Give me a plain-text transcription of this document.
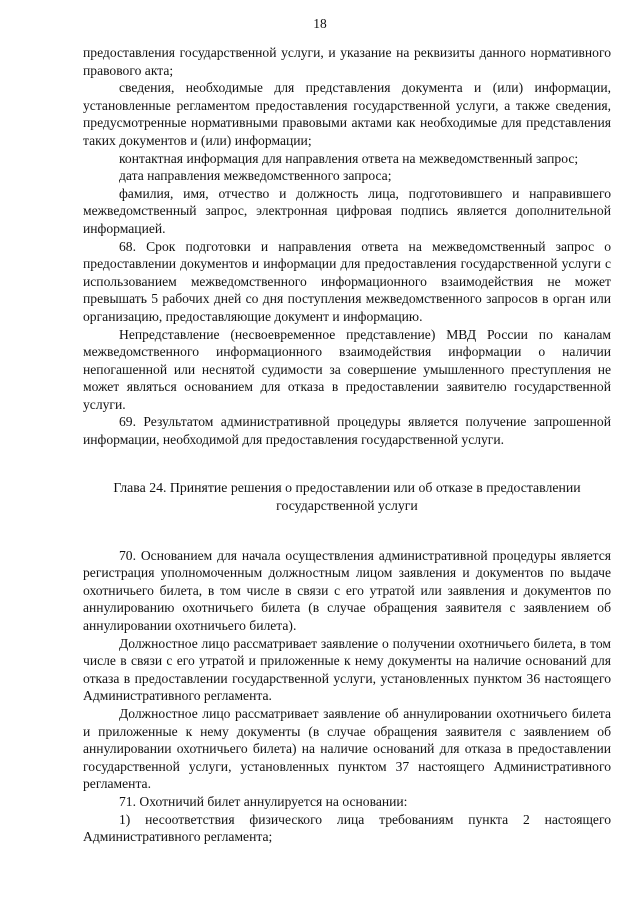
18

предоставления государственной услуги, и указание на реквизиты данного нормативного правового акта;

сведения, необходимые для представления документа и (или) информации, установленные регламентом предоставления государственной услуги, а также сведения, предусмотренные нормативными правовыми актами как необходимые для представления таких документов и (или) информации;

контактная информация для направления ответа на межведомственный запрос;

дата направления межведомственного запроса;

фамилия, имя, отчество и должность лица, подготовившего и направившего межведомственный запрос, электронная цифровая подпись является дополнительной информацией.

68. Срок подготовки и направления ответа на межведомственный запрос о предоставлении документов и информации для предоставления государственной услуги с использованием межведомственного информационного взаимодействия не может превышать 5 рабочих дней со дня поступления межведомственного запросов в орган или организацию, предоставляющие документ и информацию.

Непредставление (несвоевременное представление) МВД России по каналам межведомственного информационного взаимодействия информации о наличии непогашенной или неснятой судимости за совершение умышленного преступления не может являться основанием для отказа в предоставлении заявителю государственной услуги.

69. Результатом административной процедуры является получение запрошенной информации, необходимой для предоставления государственной услуги.

Глава 24. Принятие решения о предоставлении или об отказе в предоставлении государственной услуги

70. Основанием для начала осуществления административной процедуры является регистрация уполномоченным должностным лицом заявления и документов по выдаче охотничьего билета, в том числе в связи с его утратой или заявления и документов по аннулированию охотничьего билета (в случае обращения заявителя с заявлением об аннулировании охотничьего билета).

Должностное лицо рассматривает заявление о получении охотничьего билета, в том числе в связи с его утратой и приложенные к нему документы на наличие оснований для отказа в предоставлении государственной услуги, установленных пунктом 36 настоящего Административного регламента.

Должностное лицо рассматривает заявление об аннулировании охотничьего билета и приложенные к нему документы (в случае обращения заявителя с заявлением об аннулировании охотничьего билета) на наличие оснований для отказа в предоставлении государственной услуги, установленных пунктом 37 настоящего Административного регламента.

71. Охотничий билет аннулируется на основании:

1) несоответствия физического лица требованиям пункта 2 настоящего Административного регламента;
